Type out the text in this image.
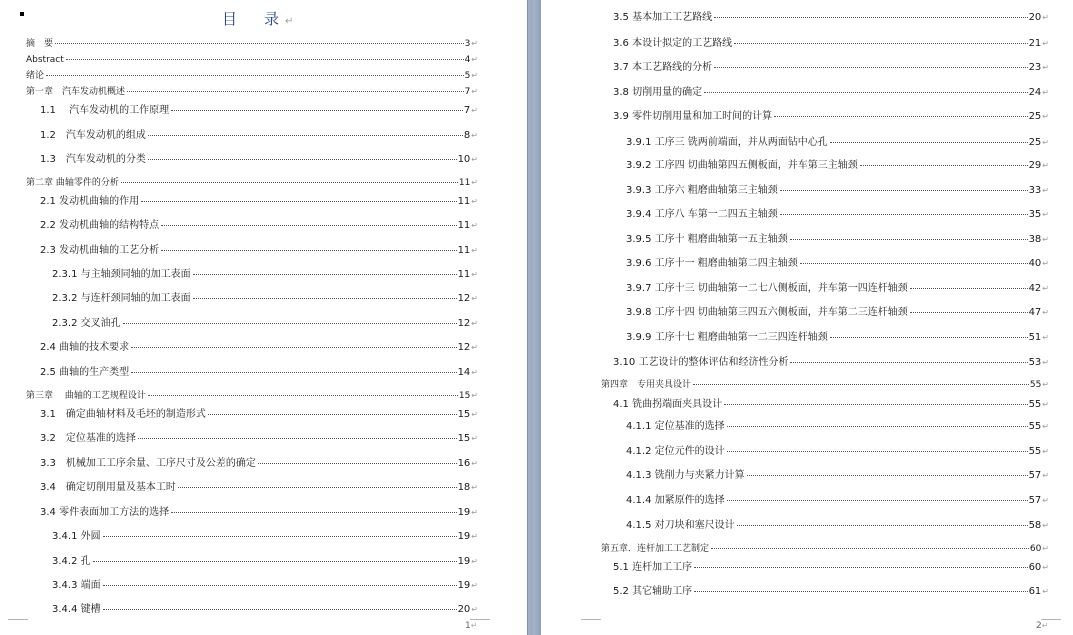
目　录↵
摘　要	3 ↵
Abstract	4 ↵
绪论	5 ↵
第一章　汽车发动机概述	7 ↵
1.1　 汽车发动机的工作原理	7 ↵
1.2　汽车发动机的组成	8 ↵
1.3　汽车发动机的分类	10 ↵
第二章 曲轴零件的分析	11 ↵
2.1 发动机曲轴的作用	11 ↵
2.2 发动机曲轴的结构特点	11 ↵
2.3 发动机曲轴的工艺分析	11 ↵
2.3.1 与主轴颈同轴的加工表面	11 ↵
2.3.2 与连杆颈同轴的加工表面	12 ↵
2.3.2 交叉油孔	12 ↵
2.4 曲轴的技术要求	12 ↵
2.5 曲轴的生产类型	14 ↵
第三章　 曲轴的工艺规程设计	15 ↵
3.1　确定曲轴材料及毛坯的制造形式	15 ↵
3.2　定位基准的选择	15 ↵
3.3　机械加工工序余量、工序尺寸及公差的确定	16 ↵
3.4　确定切削用量及基本工时	18 ↵
3.4 零件表面加工方法的选择	19 ↵
3.4.1 外圆	19 ↵
3.4.2 孔	19 ↵
3.4.3 端面	19 ↵
3.4.4 键槽	20 ↵
1↵
3.5 基本加工工艺路线	20 ↵
3.6 本设计拟定的工艺路线	21 ↵
3.7 本工艺路线的分析	23 ↵
3.8 切削用量的确定	24 ↵
3.9 零件切削用量和加工时间的计算	25 ↵
3.9.1 工序三 铣两前端面，并从两面钻中心孔	25 ↵
3.9.2 工序四 切曲轴第四五侧板面，并车第三主轴颈	29 ↵
3.9.3 工序六 粗磨曲轴第三主轴颈	33 ↵
3.9.4 工序八 车第一二四五主轴颈	35 ↵
3.9.5 工序十 粗磨曲轴第一五主轴颈	38 ↵
3.9.6 工序十一 粗磨曲轴第二四主轴颈	40 ↵
3.9.7 工序十三 切曲轴第一二七八侧板面，并车第一四连杆轴颈	42 ↵
3.9.8 工序十四 切曲轴第三四五六侧板面，并车第二三连杆轴颈	47 ↵
3.9.9 工序十七 粗磨曲轴第一二三四连杆轴颈	51 ↵
3.10 工艺设计的整体评估和经济性分析	53 ↵
第四章　专用夹具设计	55 ↵
4.1 铣曲拐端面夹具设计	55 ↵
4.1.1 定位基准的选择	55 ↵
4.1.2 定位元件的设计	55 ↵
4.1.3 铣削力与夹紧力计算	57 ↵
4.1.4 加紧原件的选择	57 ↵
4.1.5 对刀块和塞尺设计	58 ↵
第五章．连杆加工工艺制定	60 ↵
5.1 连杆加工工序	60 ↵
5.2 其它辅助工序	61 ↵
2↵
